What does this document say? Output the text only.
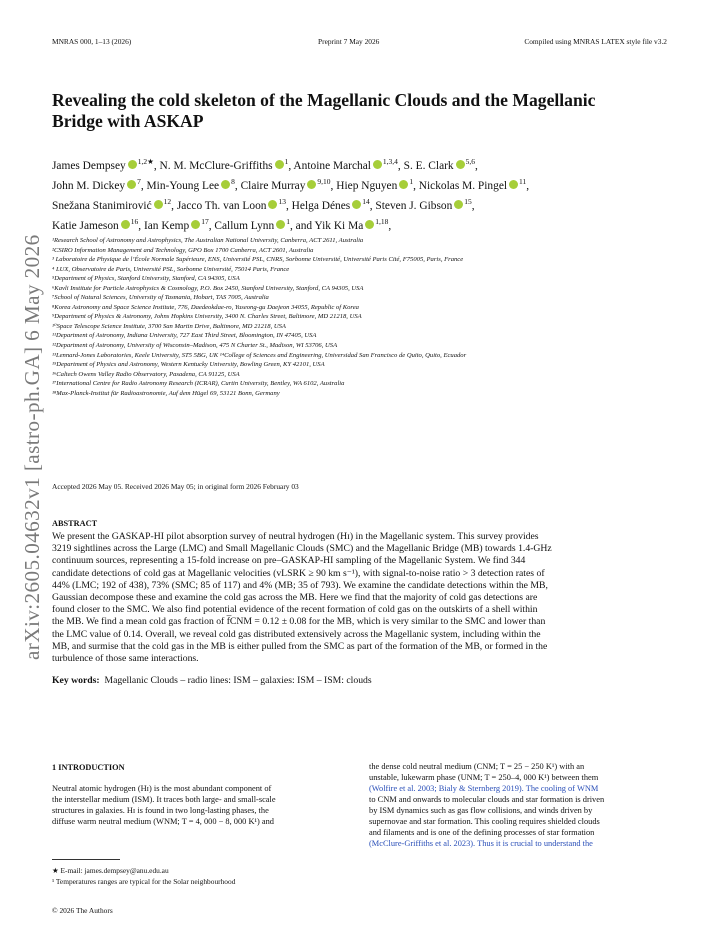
MNRAS 000, 1–13 (2026)	Preprint 7 May 2026	Compiled using MNRAS LATEX style file v3.2
arXiv:2605.04632v1 [astro-ph.GA] 6 May 2026
Revealing the cold skeleton of the Magellanic Clouds and the Magellanic
Bridge with ASKAP
James Dempsey $^{1,2★}$, N. M. McClure-Griffiths $^1$, Antoine Marchal $^{1,3,4}$, S. E. Clark $^{5,6}$,
John M. Dickey $^7$, Min-Young Lee $^8$, Claire Murray $^{9,10}$, Hiep Nguyen $^1$, Nickolas M. Pingel $^{11}$,
Snežana Stanimirović $^{12}$, Jacco Th. van Loon $^{13}$, Helga Dénes $^{14}$, Steven J. Gibson $^{15}$,
Katie Jameson $^{16}$, Ian Kemp $^{17}$, Callum Lynn $^1$, and Yik Ki Ma $^{1,18}$,
¹Research School of Astronomy and Astrophysics, The Australian National University, Canberra, ACT 2611, Australia
²CSIRO Information Management and Technology, GPO Box 1700 Canberra, ACT 2601, Australia
³ Laboratoire de Physique de l’École Normale Supérieure, ENS, Université PSL, CNRS, Sorbonne Université, Université Paris Cité, F75005, Paris, France
⁴ LUX, Observatoire de Paris, Université PSL, Sorbonne Université, 75014 Paris, France
⁵Department of Physics, Stanford University, Stanford, CA 94305, USA
⁶Kavli Institute for Particle Astrophysics & Cosmology, P.O. Box 2450, Stanford University, Stanford, CA 94305, USA
⁷School of Natural Sciences, University of Tasmania, Hobart, TAS 7005, Australia
⁸Korea Astronomy and Space Science Institute, 776, Daedeokdae-ro, Yuseong-gu Daejeon 34055, Republic of Korea
⁹Department of Physics & Astronomy, Johns Hopkins University, 3400 N. Charles Street, Baltimore, MD 21218, USA
¹⁰Space Telescope Science Institute, 3700 San Martin Drive, Baltimore, MD 21218, USA
¹¹Department of Astronomy, Indiana University, 727 East Third Street, Bloomington, IN 47405, USA
¹²Department of Astronomy, University of Wisconsin–Madison, 475 N Charter St., Madison, WI 53706, USA
¹³Lennard-Jones Laboratories, Keele University, ST5 5BG, UK ¹⁴College of Sciences and Engineering, Universidad San Francisco de Quito, Quito, Ecuador
¹⁵Department of Physics and Astronomy, Western Kentucky University, Bowling Green, KY 42101, USA
¹⁶Caltech Owens Valley Radio Observatory, Pasadena, CA 91125, USA
¹⁷International Centre for Radio Astronomy Research (ICRAR), Curtin University, Bentley, WA 6102, Australia
¹⁸Max-Planck-Institut für Radioastronomie, Auf dem Hügel 69, 53121 Bonn, Germany
Accepted 2026 May 05. Received 2026 May 05; in original form 2026 February 03
ABSTRACT
We present the GASKAP-HI pilot absorption survey of neutral hydrogen (Hɪ) in the Magellanic system. This survey provides
3219 sightlines across the Large (LMC) and Small Magellanic Clouds (SMC) and the Magellanic Bridge (MB) towards 1.4-GHz
continuum sources, representing a 15-fold increase on pre–GASKAP-HI sampling of the Magellanic System. We find 344
candidate detections of cold gas at Magellanic velocities (vLSRK ≥ 90 km s⁻¹), with signal-to-noise ratio > 3 detection rates of
44% (LMC; 192 of 438), 73% (SMC; 85 of 117) and 4% (MB; 35 of 793). We examine the candidate detections within the MB,
Gaussian decompose these and examine the cold gas across the MB. Here we find that the majority of cold gas detections are
found closer to the SMC. We also find potential evidence of the recent formation of cold gas on the outskirts of a shell within
the MB. We find a mean cold gas fraction of f̅CNM = 0.12 ± 0.08 for the MB, which is very similar to the SMC and lower than
the LMC value of 0.14. Overall, we reveal cold gas distributed extensively across the Magellanic system, including within the
MB, and surmise that the cold gas in the MB is either pulled from the SMC as part of the formation of the MB, or formed in the
turbulence of those same interactions.
Key words: Magellanic Clouds – radio lines: ISM – galaxies: ISM – ISM: clouds
1 INTRODUCTION
Neutral atomic hydrogen (Hɪ) is the most abundant component of
the interstellar medium (ISM). It traces both large- and small-scale
structures in galaxies. Hɪ is found in two long-lasting phases, the
diffuse warm neutral medium (WNM; T = 4, 000 − 8, 000 K¹) and
the dense cold neutral medium (CNM; T = 25 − 250 K¹) with an
unstable, lukewarm phase (UNM; T = 250–4, 000 K¹) between them
(Wolfire et al. 2003; Bialy & Sternberg 2019). The cooling of WNM
to CNM and onwards to molecular clouds and star formation is driven
by ISM dynamics such as gas flow collisions, and winds driven by
supernovae and star formation. This cooling requires shielded clouds
and filaments and is one of the defining processes of star formation
(McClure-Griffiths et al. 2023). Thus it is crucial to understand the
★ E-mail: james.dempsey@anu.edu.au
¹ Temperatures ranges are typical for the Solar neighbourhood
© 2026 The Authors
